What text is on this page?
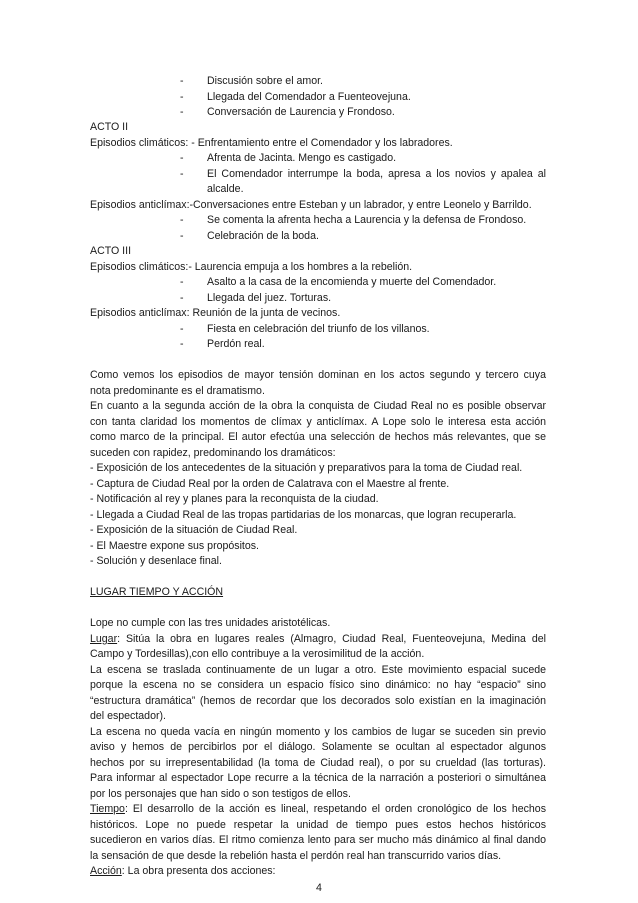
- Discusión sobre el amor.
- Llegada del Comendador a Fuenteovejuna.
- Conversación de Laurencia y Frondoso.
ACTO II
Episodios climáticos: - Enfrentamiento entre el Comendador y los labradores.
- Afrenta de Jacinta. Mengo es castigado.
- El Comendador interrumpe la boda, apresa a los novios y apalea al
alcalde.
Episodios anticlímax:-Conversaciones entre Esteban y un labrador, y entre Leonelo y Barrildo.
- Se comenta la afrenta hecha a Laurencia y la defensa de Frondoso.
- Celebración de la boda.
ACTO III
Episodios climáticos:- Laurencia empuja a los hombres a la rebelión.
- Asalto a la casa de la encomienda y muerte del Comendador.
- Llegada del juez. Torturas.
Episodios anticlímax: Reunión de la junta de vecinos.
- Fiesta en celebración del triunfo de los villanos.
- Perdón real.
Como vemos los episodios de mayor tensión dominan en los actos segundo y tercero cuya
nota predominante es el dramatismo.
En cuanto a la segunda acción de la obra la conquista de Ciudad Real no es posible observar
con tanta claridad los momentos de clímax y anticlímax. A Lope solo le interesa esta acción
como marco de la principal. El autor efectúa una selección de hechos más relevantes, que se
suceden con rapidez, predominando los dramáticos:
- Exposición de los antecedentes de la situación y preparativos para la toma de Ciudad real.
- Captura de Ciudad Real por la orden de Calatrava con el Maestre al frente.
- Notificación al rey y planes para la reconquista de la ciudad.
- Llegada a Ciudad Real de las tropas partidarias de los monarcas, que logran recuperarla.
- Exposición de la situación de Ciudad Real.
- El Maestre expone sus propósitos.
- Solución y desenlace final.
LUGAR TIEMPO Y ACCIÓN
Lope no cumple con las tres unidades aristotélicas.
Lugar: Sitúa la obra en lugares reales (Almagro, Ciudad Real, Fuenteovejuna, Medina del
Campo y Tordesillas),con ello contribuye a la verosimilitud de la acción.
La escena se traslada continuamente de un lugar a otro. Este movimiento espacial sucede
porque la escena no se considera un espacio físico sino dinámico: no hay “espacio” sino
“estructura dramática” (hemos de recordar que los decorados solo existían en la imaginación
del espectador).
La escena no queda vacía en ningún momento y los cambios de lugar se suceden sin previo
aviso y hemos de percibirlos por el diálogo. Solamente se ocultan al espectador algunos
hechos por su irrepresentabilidad (la toma de Ciudad real), o por su crueldad (las torturas).
Para informar al espectador Lope recurre a la técnica de la narración a posteriori o simultánea
por los personajes que han sido o son testigos de ellos.
Tiempo: El desarrollo de la acción es lineal, respetando el orden cronológico de los hechos
históricos. Lope no puede respetar la unidad de tiempo pues estos hechos históricos
sucedieron en varios días. El ritmo comienza lento para ser mucho más dinámico al final dando
la sensación de que desde la rebelión hasta el perdón real han transcurrido varios días.
Acción: La obra presenta dos acciones:
4
